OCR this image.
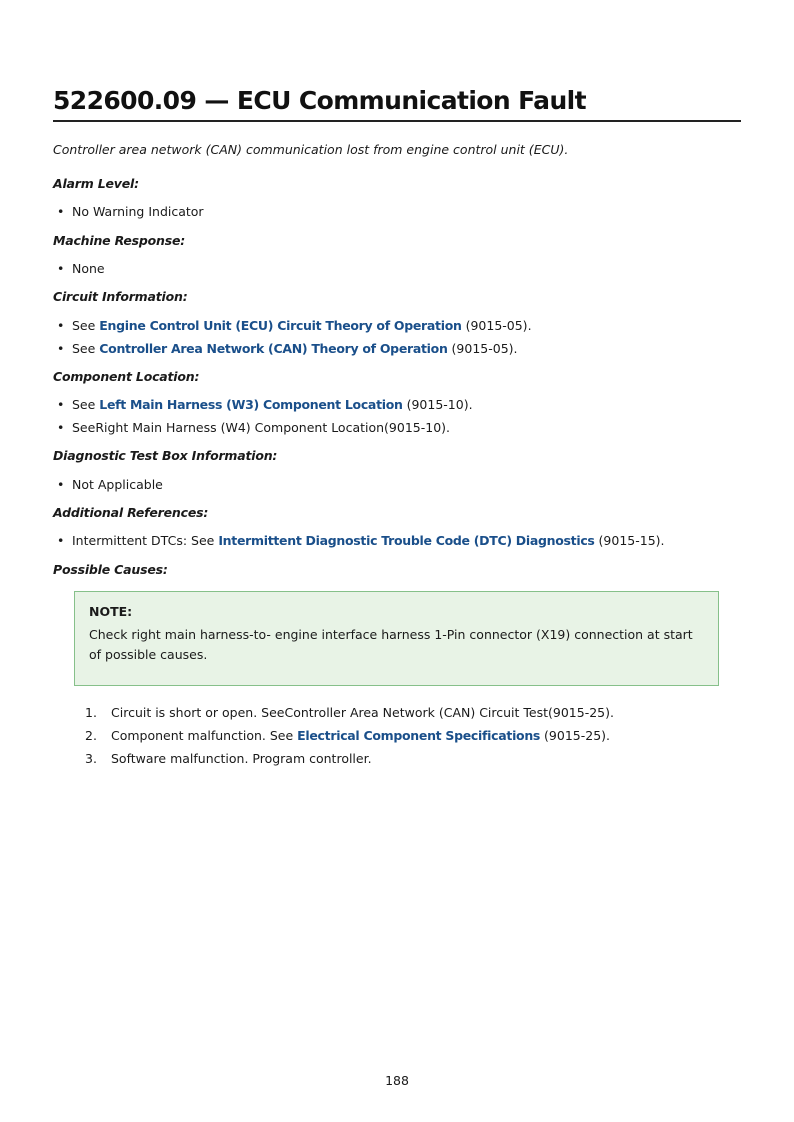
522600.09 — ECU Communication Fault

Controller area network (CAN) communication lost from engine control unit (ECU).

Alarm Level:

• No Warning Indicator

Machine Response:

• None

Circuit Information:

• See Engine Control Unit (ECU) Circuit Theory of Operation (9015-05).

• See Controller Area Network (CAN) Theory of Operation (9015-05).

Component Location:

• See Left Main Harness (W3) Component Location (9015-10).

• SeeRight Main Harness (W4) Component Location(9015-10).

Diagnostic Test Box Information:

• Not Applicable

Additional References:

• Intermittent DTCs: See Intermittent Diagnostic Trouble Code (DTC) Diagnostics (9015-15).

Possible Causes:

NOTE:

Check right main harness-to- engine interface harness 1-Pin connector (X19) connection at start of possible causes.

1. Circuit is short or open. SeeController Area Network (CAN) Circuit Test(9015-25).

2. Component malfunction. See Electrical Component Specifications (9015-25).

3. Software malfunction. Program controller.

188
